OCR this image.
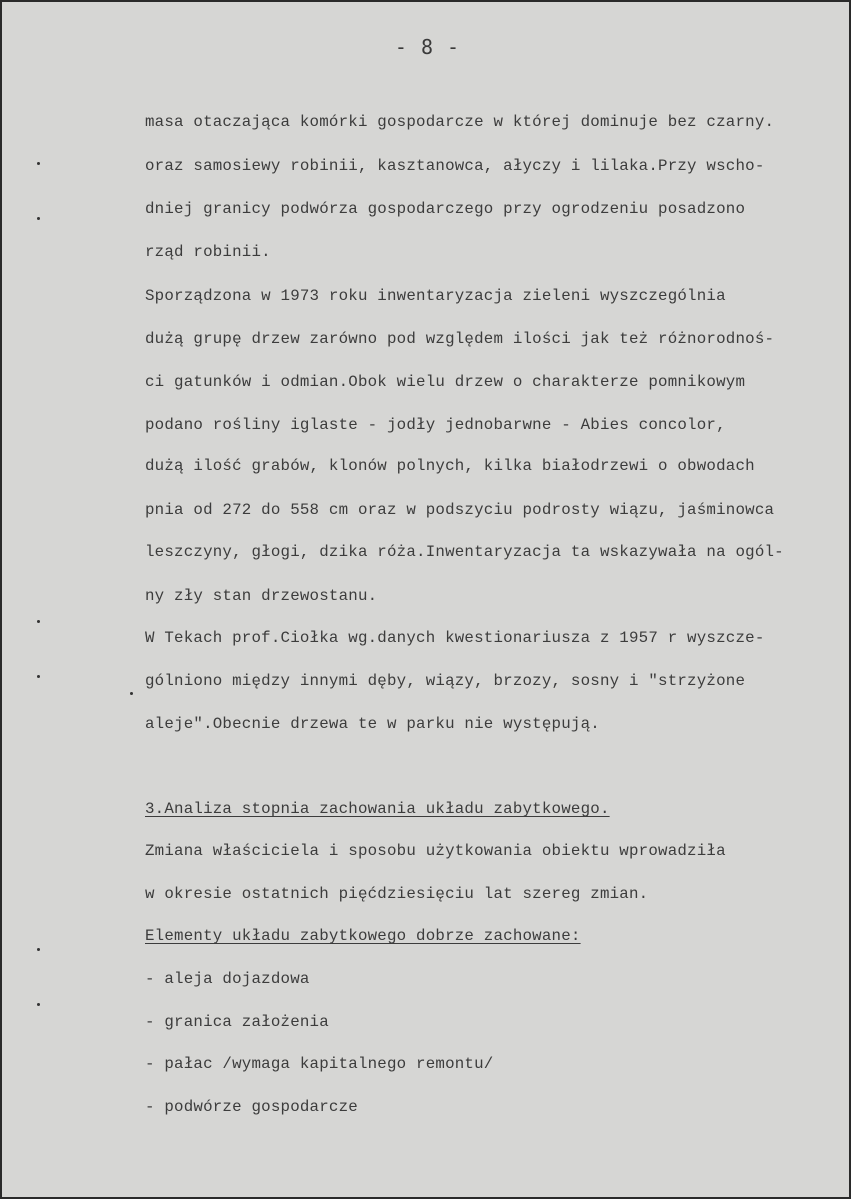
- 8 -
masa otaczająca komórki gospodarcze w której dominuje bez czarny.
oraz samosiewy robinii, kasztanowca, ałyczy i lilaka.Przy wscho-
dniej granicy podwórza gospodarczego przy ogrodzeniu posadzono
rząd robinii.
Sporządzona w 1973 roku inwentaryzacja zieleni wyszczególnia
dużą grupę drzew zarówno pod względem ilości jak też różnorodnoś-
ci gatunków i odmian.Obok wielu drzew o charakterze pomnikowym
podano rośliny iglaste - jodły jednobarwne - Abies concolor,
dużą ilość grabów, klonów polnych, kilka białodrzewi o obwodach
pnia od 272 do 558 cm oraz w podszyciu podrosty wiązu, jaśminowca
leszczyny, głogi, dzika róża.Inwentaryzacja ta wskazywała na ogól-
ny zły stan drzewostanu.
W Tekach prof.Ciołka wg.danych kwestionariusza z 1957 r wyszcze-
gólniono między innymi dęby, wiązy, brzozy, sosny i "strzyżone
aleje".Obecnie drzewa te w parku nie występują.
3.Analiza stopnia zachowania układu zabytkowego.
Zmiana właściciela i sposobu użytkowania obiektu wprowadziła
w okresie ostatnich pięćdziesięciu lat szereg zmian.
Elementy układu zabytkowego dobrze zachowane:
- aleja dojazdowa
- granica założenia
- pałac /wymaga kapitalnego remontu/
- podwórze gospodarcze
